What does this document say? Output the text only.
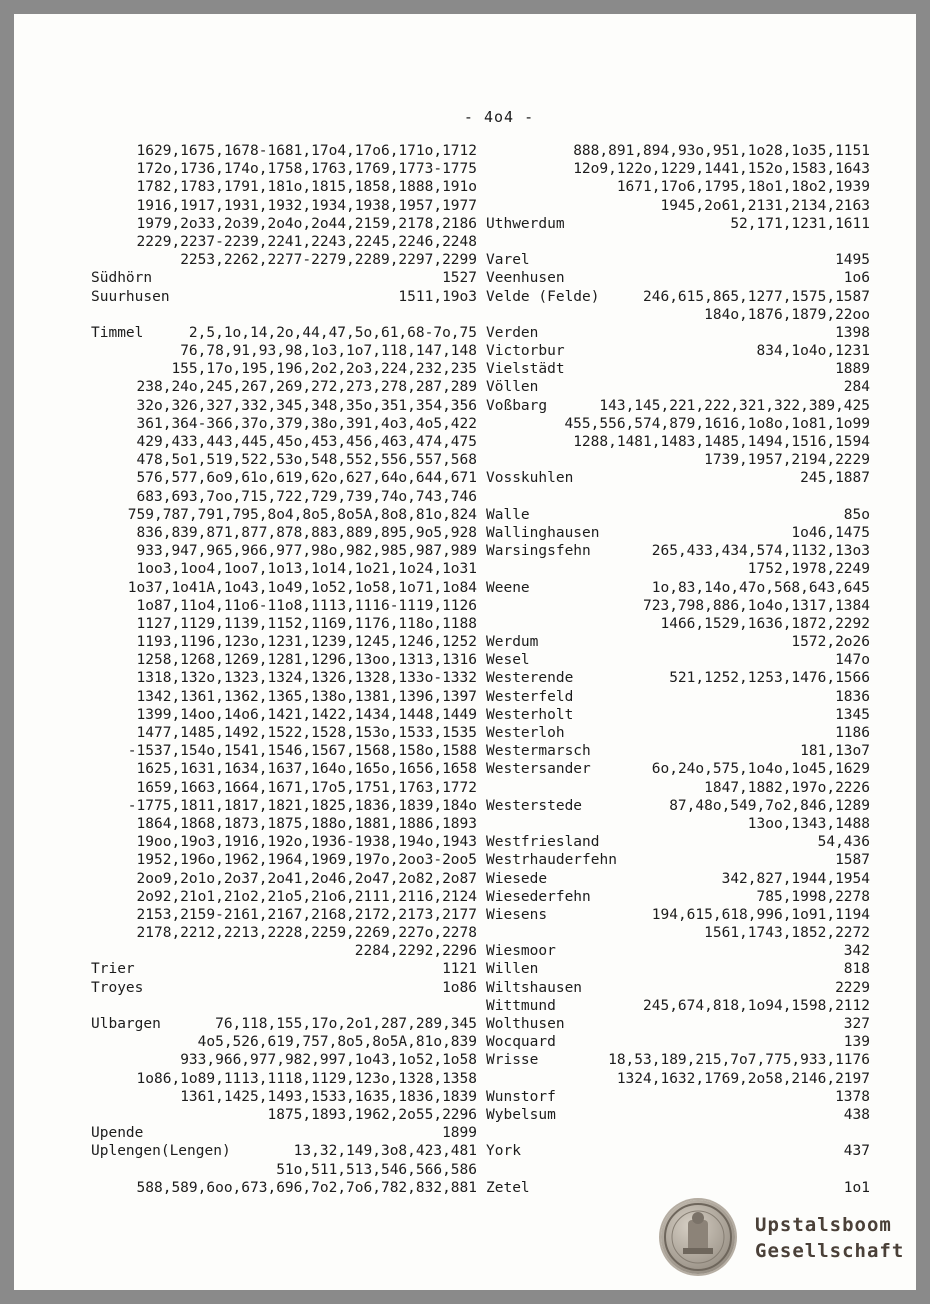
- 4o4 -
1629,1675,1678-1681,17o4,17o6,171o,1712
172o,1736,174o,1758,1763,1769,1773-1775
1782,1783,1791,181o,1815,1858,1888,191o
1916,1917,1931,1932,1934,1938,1957,1977
1979,2o33,2o39,2o4o,2o44,2159,2178,2186
2229,2237-2239,2241,2243,2245,2246,2248
2253,2262,2277-2279,2289,2297,2299
Südhörn	1527
Suurhusen	1511,19o3
Timmel	2,5,1o,14,2o,44,47,5o,61,68-7o,75
76,78,91,93,98,1o3,1o7,118,147,148
155,17o,195,196,2o2,2o3,224,232,235
238,24o,245,267,269,272,273,278,287,289
32o,326,327,332,345,348,35o,351,354,356
361,364-366,37o,379,38o,391,4o3,4o5,422
429,433,443,445,45o,453,456,463,474,475
478,5o1,519,522,53o,548,552,556,557,568
576,577,6o9,61o,619,62o,627,64o,644,671
683,693,7oo,715,722,729,739,74o,743,746
759,787,791,795,8o4,8o5,8o5A,8o8,81o,824
836,839,871,877,878,883,889,895,9o5,928
933,947,965,966,977,98o,982,985,987,989
1oo3,1oo4,1oo7,1o13,1o14,1o21,1o24,1o31
1o37,1o41A,1o43,1o49,1o52,1o58,1o71,1o84
1o87,11o4,11o6-11o8,1113,1116-1119,1126
1127,1129,1139,1152,1169,1176,118o,1188
1193,1196,123o,1231,1239,1245,1246,1252
1258,1268,1269,1281,1296,13oo,1313,1316
1318,132o,1323,1324,1326,1328,133o-1332
1342,1361,1362,1365,138o,1381,1396,1397
1399,14oo,14o6,1421,1422,1434,1448,1449
1477,1485,1492,1522,1528,153o,1533,1535
-1537,154o,1541,1546,1567,1568,158o,1588
1625,1631,1634,1637,164o,165o,1656,1658
1659,1663,1664,1671,17o5,1751,1763,1772
-1775,1811,1817,1821,1825,1836,1839,184o
1864,1868,1873,1875,188o,1881,1886,1893
19oo,19o3,1916,192o,1936-1938,194o,1943
1952,196o,1962,1964,1969,197o,2oo3-2oo5
2oo9,2o1o,2o37,2o41,2o46,2o47,2o82,2o87
2o92,21o1,21o2,21o5,21o6,2111,2116,2124
2153,2159-2161,2167,2168,2172,2173,2177
2178,2212,2213,2228,2259,2269,227o,2278
2284,2292,2296
Trier	1121
Troyes	1o86
Ulbargen	76,118,155,17o,2o1,287,289,345
4o5,526,619,757,8o5,8o5A,81o,839
933,966,977,982,997,1o43,1o52,1o58
1o86,1o89,1113,1118,1129,123o,1328,1358
1361,1425,1493,1533,1635,1836,1839
1875,1893,1962,2o55,2296
Upende	1899
Uplengen(Lengen)	13,32,149,3o8,423,481
51o,511,513,546,566,586
588,589,6oo,673,696,7o2,7o6,782,832,881
888,891,894,93o,951,1o28,1o35,1151
12o9,122o,1229,1441,152o,1583,1643
1671,17o6,1795,18o1,18o2,1939
1945,2o61,2131,2134,2163
Uthwerdum	52,171,1231,1611
Varel	1495
Veenhusen	1o6
Velde (Felde)	246,615,865,1277,1575,1587
184o,1876,1879,22oo
Verden	1398
Victorbur	834,1o4o,1231
Vielstädt	1889
Völlen	284
Voßbarg	143,145,221,222,321,322,389,425
455,556,574,879,1616,1o8o,1o81,1o99
1288,1481,1483,1485,1494,1516,1594
1739,1957,2194,2229
Vosskuhlen	245,1887
Walle	85o
Wallinghausen	1o46,1475
Warsingsfehn	265,433,434,574,1132,13o3
1752,1978,2249
Weene	1o,83,14o,47o,568,643,645
723,798,886,1o4o,1317,1384
1466,1529,1636,1872,2292
Werdum	1572,2o26
Wesel	147o
Westerende	521,1252,1253,1476,1566
Westerfeld	1836
Westerholt	1345
Westerloh	1186
Westermarsch	181,13o7
Westersander	6o,24o,575,1o4o,1o45,1629
1847,1882,197o,2226
Westerstede	87,48o,549,7o2,846,1289
13oo,1343,1488
Westfriesland	54,436
Westrhauderfehn	1587
Wiesede	342,827,1944,1954
Wiesederfehn	785,1998,2278
Wiesens	194,615,618,996,1o91,1194
1561,1743,1852,2272
Wiesmoor	342
Willen	818
Wiltshausen	2229
Wittmund	245,674,818,1o94,1598,2112
Wolthusen	327
Wocquard	139
Wrisse	18,53,189,215,7o7,775,933,1176
1324,1632,1769,2o58,2146,2197
Wunstorf	1378
Wybelsum	438
York	437
Zetel	1o1
Upstalsboom
Gesellschaft
